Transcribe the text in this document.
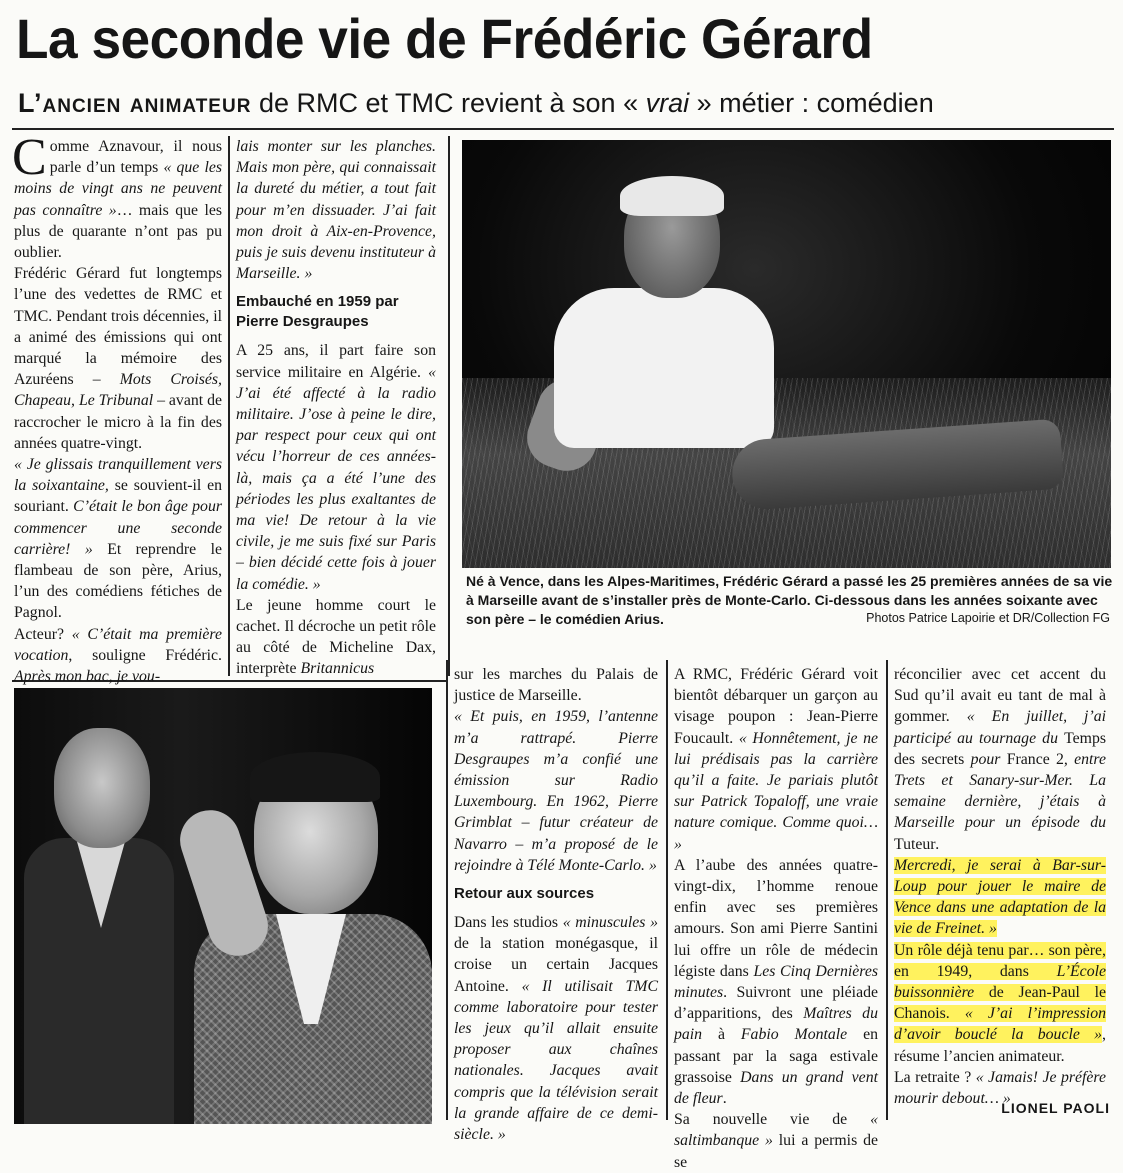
La seconde vie de Frédéric Gérard
L’ancien animateur de RMC et TMC revient à son « vrai » métier : comédien

Comme Aznavour, il nous parle d’un temps « que les moins de vingt ans ne peuvent pas connaître »… mais que les plus de quarante n’ont pas pu oublier.

Frédéric Gérard fut longtemps l’une des vedettes de RMC et TMC. Pendant trois décennies, il a animé des émissions qui ont marqué la mémoire des Azuréens – Mots Croisés, Chapeau, Le Tribunal – avant de raccrocher le micro à la fin des années quatre-vingt.

« Je glissais tranquillement vers la soixantaine, se souvient-il en souriant. C’était le bon âge pour commencer une seconde carrière! » Et reprendre le flambeau de son père, Arius, l’un des comédiens fétiches de Pagnol.

Acteur? « C’était ma première vocation, souligne Frédéric. Après mon bac, je vou-

lais monter sur les planches. Mais mon père, qui connaissait la dureté du métier, a tout fait pour m’en dissuader. J’ai fait mon droit à Aix-en-Provence, puis je suis devenu instituteur à Marseille. »

Embauché en 1959 par Pierre Desgraupes

A 25 ans, il part faire son service militaire en Algérie. « J’ai été affecté à la radio militaire. J’ose à peine le dire, par respect pour ceux qui ont vécu l’horreur de ces années-là, mais ça a été l’une des périodes les plus exaltantes de ma vie! De retour à la vie civile, je me suis fixé sur Paris – bien décidé cette fois à jouer la comédie. »

Le jeune homme court le cachet. Il décroche un petit rôle au côté de Micheline Dax, interprète Britannicus

Né à Vence, dans les Alpes-Maritimes, Frédéric Gérard a passé les 25 premières années de sa vie à Marseille avant de s’installer près de Monte-Carlo. Ci-dessous dans les années soixante avec son père – le comédien Arius.	Photos Patrice Lapoirie et DR/Collection FG

sur les marches du Palais de justice de Marseille.

« Et puis, en 1959, l’antenne m’a rattrapé. Pierre Desgraupes m’a confié une émission sur Radio Luxembourg. En 1962, Pierre Grimblat – futur créateur de Navarro – m’a proposé de le rejoindre à Télé Monte-Carlo. »

Retour aux sources

Dans les studios « minuscules » de la station monégasque, il croise un certain Jacques Antoine. « Il utilisait TMC comme laboratoire pour tester les jeux qu’il allait ensuite proposer aux chaînes nationales. Jacques avait compris que la télévision serait la grande affaire de ce demi-siècle. »

A RMC, Frédéric Gérard voit bientôt débarquer un garçon au visage poupon : Jean-Pierre Foucault. « Honnêtement, je ne lui prédisais pas la carrière qu’il a faite. Je pariais plutôt sur Patrick Topaloff, une vraie nature comique. Comme quoi… »

A l’aube des années quatre-vingt-dix, l’homme renoue enfin avec ses premières amours. Son ami Pierre Santini lui offre un rôle de médecin légiste dans Les Cinq Dernières minutes. Suivront une pléiade d’apparitions, des Maîtres du pain à Fabio Montale en passant par la saga estivale grassoise Dans un grand vent de fleur.

Sa nouvelle vie de « saltimbanque » lui a permis de se

réconcilier avec cet accent du Sud qu’il avait eu tant de mal à gommer. « En juillet, j’ai participé au tournage du Temps des secrets pour France 2, entre Trets et Sanary-sur-Mer. La semaine dernière, j’étais à Marseille pour un épisode du Tuteur.

Mercredi, je serai à Bar-sur-Loup pour jouer le maire de Vence dans une adaptation de la vie de Freinet. »

Un rôle déjà tenu par… son père, en 1949, dans L’École buissonnière de Jean-Paul le Chanois. « J’ai l’impression d’avoir bouclé la boucle », résume l’ancien animateur.

La retraite ? « Jamais! Je préfère mourir debout… »

LIONEL PAOLI
